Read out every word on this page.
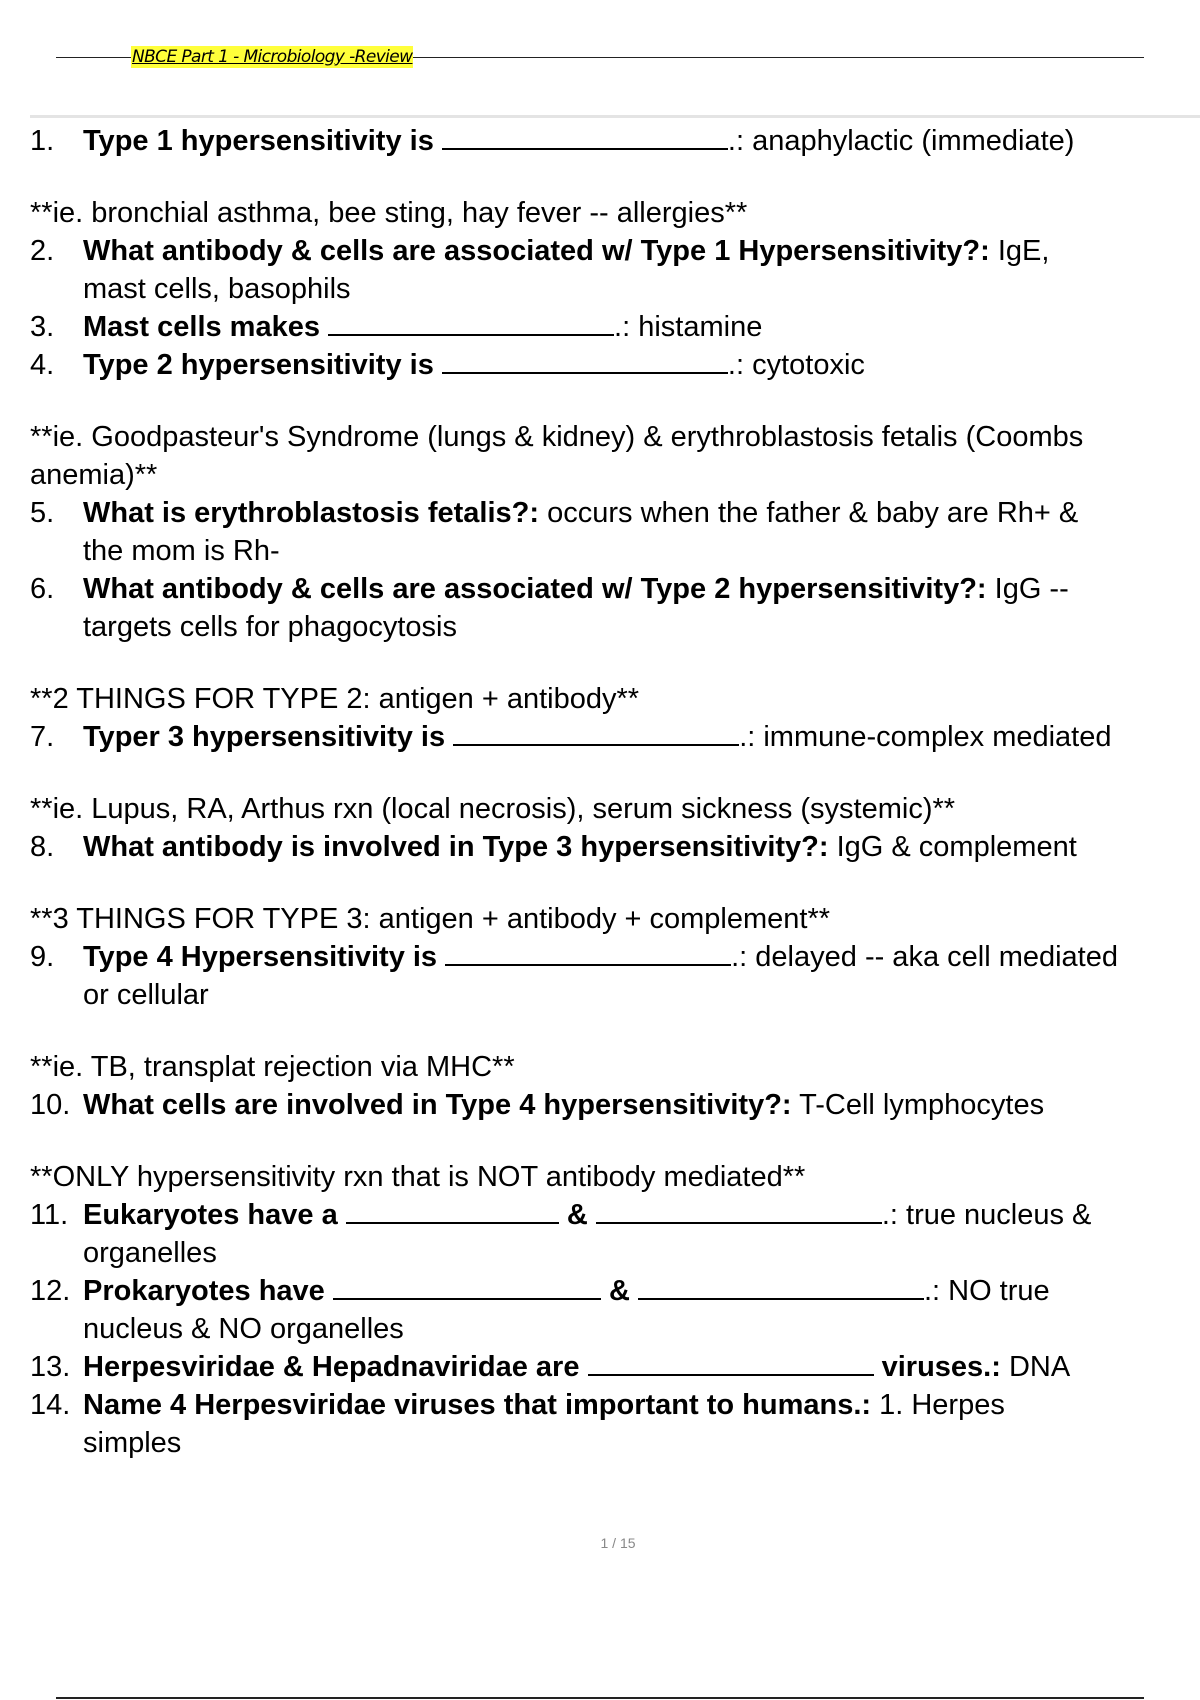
NBCE Part 1 - Microbiology -Review
1. Type 1 hypersensitivity is	.: anaphylactic (immediate)
**ie. bronchial asthma, bee sting, hay fever -- allergies**
2. What antibody & cells are associated w/ Type 1 Hypersensitivity?: IgE,
mast cells, basophils
3. Mast cells makes	.: histamine
4. Type 2 hypersensitivity is	.: cytotoxic
**ie. Goodpasteur's Syndrome (lungs & kidney) & erythroblastosis fetalis (Coombs
anemia)**
5. What is erythroblastosis fetalis?: occurs when the father & baby are Rh+ &
the mom is Rh-
6. What antibody & cells are associated w/ Type 2 hypersensitivity?: IgG --
targets cells for phagocytosis
**2 THINGS FOR TYPE 2: antigen + antibody**
7. Typer 3 hypersensitivity is	.: immune-complex mediated
**ie. Lupus, RA, Arthus rxn (local necrosis), serum sickness (systemic)**
8. What antibody is involved in Type 3 hypersensitivity?: IgG & complement
**3 THINGS FOR TYPE 3: antigen + antibody + complement**
9. Type 4 Hypersensitivity is	.: delayed -- aka cell mediated
or cellular
**ie. TB, transplat rejection via MHC**
10. What cells are involved in Type 4 hypersensitivity?: T-Cell lymphocytes
**ONLY hypersensitivity rxn that is NOT antibody mediated**
11. Eukaryotes have a	&	.: true nucleus &
organelles
12. Prokaryotes have	&	.: NO true
nucleus & NO organelles
13. Herpesviridae & Hepadnaviridae are	viruses.: DNA
14. Name 4 Herpesviridae viruses that important to humans.: 1. Herpes
simples
1 / 15
